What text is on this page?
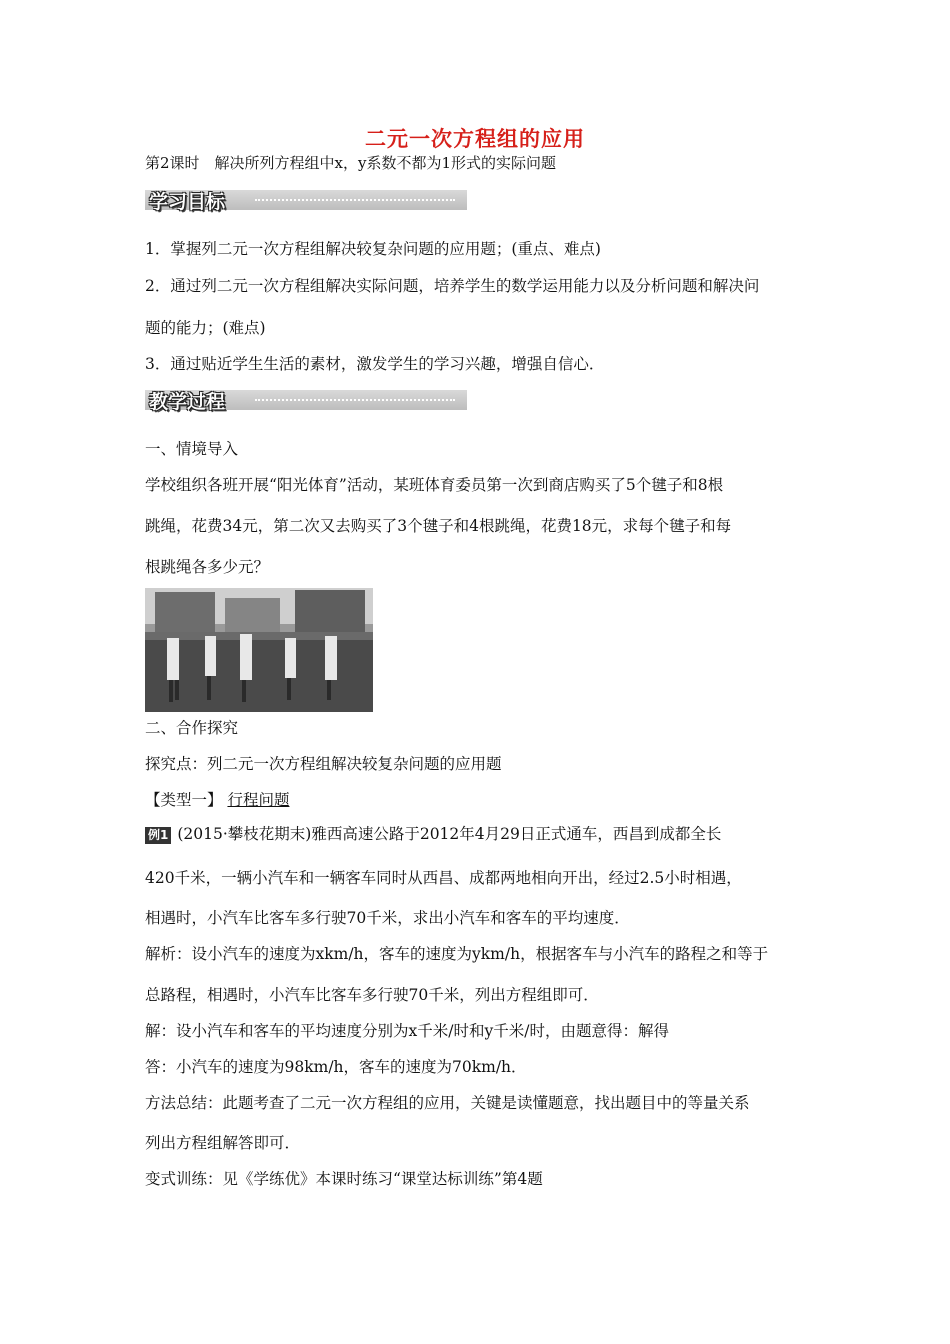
二元一次方程组的应用
第2课时　解决所列方程组中x，y系数不都为1形式的实际问题
学习目标
1．掌握列二元一次方程组解决较复杂问题的应用题；(重点、难点)
2．通过列二元一次方程组解决实际问题，培养学生的数学运用能力以及分析问题和解决问
题的能力；(难点)
3．通过贴近学生生活的素材，激发学生的学习兴趣，增强自信心．
教学过程
一、情境导入
学校组织各班开展“阳光体育”活动，某班体育委员第一次到商店购买了5个毽子和8根
跳绳，花费34元，第二次又去购买了3个毽子和4根跳绳，花费18元，求每个毽子和每
根跳绳各多少元？
二、合作探究
探究点：列二元一次方程组解决较复杂问题的应用题
【类型一】 行程问题
例1 (2015·攀枝花期末)雅西高速公路于2012年4月29日正式通车，西昌到成都全长
420千米，一辆小汽车和一辆客车同时从西昌、成都两地相向开出，经过2.5小时相遇，
相遇时，小汽车比客车多行驶70千米，求出小汽车和客车的平均速度．
解析：设小汽车的速度为xkm/h，客车的速度为ykm/h，根据客车与小汽车的路程之和等于
总路程，相遇时，小汽车比客车多行驶70千米，列出方程组即可．
解：设小汽车和客车的平均速度分别为x千米/时和y千米/时，由题意得：解得
答：小汽车的速度为98km/h，客车的速度为70km/h．
方法总结：此题考查了二元一次方程组的应用，关键是读懂题意，找出题目中的等量关系
列出方程组解答即可．
变式训练：见《学练优》本课时练习“课堂达标训练”第4题
